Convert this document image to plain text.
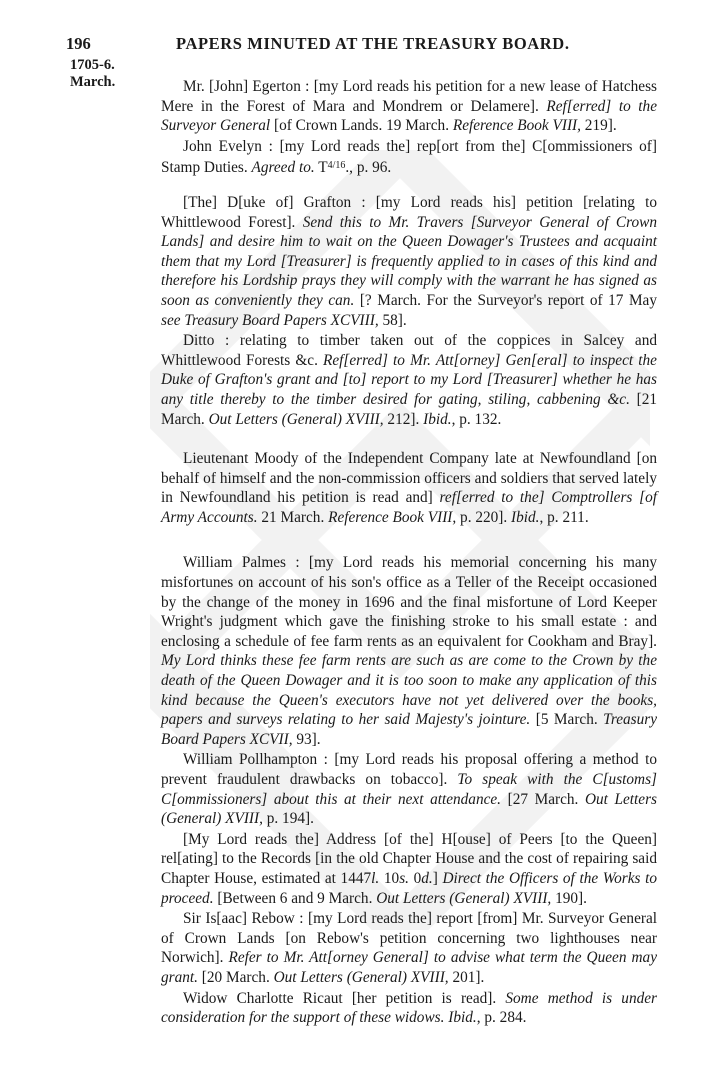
196	PAPERS MINUTED AT THE TREASURY BOARD.
1705-6.
March.	Mr. [John] Egerton : [my Lord reads his petition for a new lease of Hatchess Mere in the Forest of Mara and Mondrem or Delamere]. Ref[erred] to the Surveyor General [of Crown Lands. 19 March. Reference Book VIII, 219].

John Evelyn : [my Lord reads the] rep[ort from the] C[ommissioners of] Stamp Duties. Agreed to. $T^{4/16}$., p. 96.

[The] D[uke of] Grafton : [my Lord reads his] petition [relating to Whittlewood Forest]. Send this to Mr. Travers [Surveyor General of Crown Lands] and desire him to wait on the Queen Dowager's Trustees and acquaint them that my Lord [Treasurer] is frequently applied to in cases of this kind and therefore his Lordship prays they will comply with the warrant he has signed as soon as conveniently they can. [? March. For the Surveyor's report of 17 May see Treasury Board Papers XCVIII, 58].

Ditto : relating to timber taken out of the coppices in Salcey and Whittlewood Forests &c. Ref[erred] to Mr. Att[orney] Gen[eral] to inspect the Duke of Grafton's grant and [to] report to my Lord [Treasurer] whether he has any title thereby to the timber desired for gating, stiling, cabbening &c. [21 March. Out Letters (General) XVIII, 212]. Ibid., p. 132.

Lieutenant Moody of the Independent Company late at Newfoundland [on behalf of himself and the non-commission officers and soldiers that served lately in Newfoundland his petition is read and] ref[erred to the] Comptrollers [of Army Accounts. 21 March. Reference Book VIII, p. 220]. Ibid., p. 211.

William Palmes : [my Lord reads his memorial concerning his many misfortunes on account of his son's office as a Teller of the Receipt occasioned by the change of the money in 1696 and the final misfortune of Lord Keeper Wright's judgment which gave the finishing stroke to his small estate : and enclosing a schedule of fee farm rents as an equivalent for Cookham and Bray]. My Lord thinks these fee farm rents are such as are come to the Crown by the death of the Queen Dowager and it is too soon to make any application of this kind because the Queen's executors have not yet delivered over the books, papers and surveys relating to her said Majesty's jointure. [5 March. Treasury Board Papers XCVII, 93].

William Pollhampton : [my Lord reads his proposal offering a method to prevent fraudulent drawbacks on tobacco]. To speak with the C[ustoms] C[ommissioners] about this at their next attendance. [27 March. Out Letters (General) XVIII, p. 194].

[My Lord reads the] Address [of the] H[ouse] of Peers [to the Queen] rel[ating] to the Records [in the old Chapter House and the cost of repairing said Chapter House, estimated at 1447l. 10s. 0d.] Direct the Officers of the Works to proceed. [Between 6 and 9 March. Out Letters (General) XVIII, 190].

Sir Is[aac] Rebow : [my Lord reads the] report [from] Mr. Surveyor General of Crown Lands [on Rebow's petition concerning two lighthouses near Norwich]. Refer to Mr. Att[orney General] to advise what term the Queen may grant. [20 March. Out Letters (General) XVIII, 201].

Widow Charlotte Ricaut [her petition is read]. Some method is under consideration for the support of these widows. Ibid., p. 284.
